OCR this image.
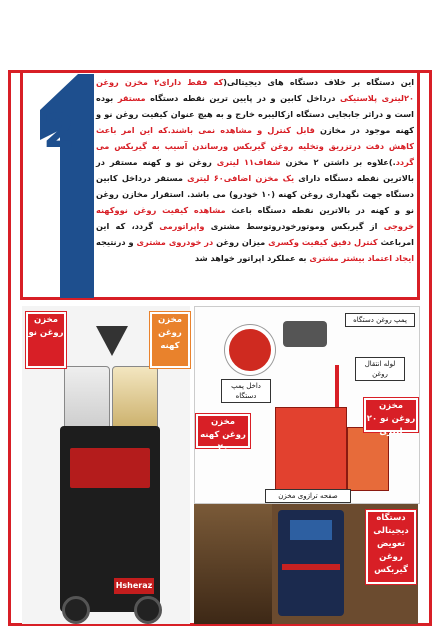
2
این دستگاه بر خلاف دستگاه های دیجیتالی(که فقط دارای۲ مخزن روغن ۲۰لیتری پلاستیکی درداخل کابین و در پایین ترین نقطه دستگاه مستقر بوده است و دراثر جابجایی دستگاه ازکالیبره خارج و به هیچ عنوان کیفیت روغن نو و کهنه موجود در مخازن قابل کنترل و مشاهده نمی باشند.که این امر باعث کاهش دقت درتزریق وتخلیه روغن گیربکس ورساندن آسیب به گیربکس می گردد.)علاوه بر داشتن ۲ مخزن شفاف۱۱ لیتری روغن نو و کهنه مستقر در بالاترین نقطه دستگاه دارای یک مخزن اضافی۶۰ لیتری مستقر درداخل کابین دستگاه جهت نگهداری روغن کهنه (۱۰ خودرو) می باشد. استقرار مخازن روغن نو و کهنه در بالاترین نقطه دستگاه باعث مشاهده کیفیت روغن نووکهنه خروجی از گیربکس وموتورخودروتوسط مشتری واپراتورمی گردد، که این امرباعث کنترل دقیق کیفیت وکسری میزان روغن در خودروی مشتری و درنتیجه ایجاد اعتماد بیشتر مشتری به عملکرد اپراتور خواهد شد
Hsheraz
مخزن روغن نو
مخزن روغن کهنه
پمپ روغن دستگاه
لوله انتقال روغن
داخل پمپ دستگاه
صفحه ترازوی مخزن
مخزن روغن کهنه ۲۰
مخزن روغن نو ۲۰ لیتری
دستگاه دیجیتالی تعویض روغن گیربکس
